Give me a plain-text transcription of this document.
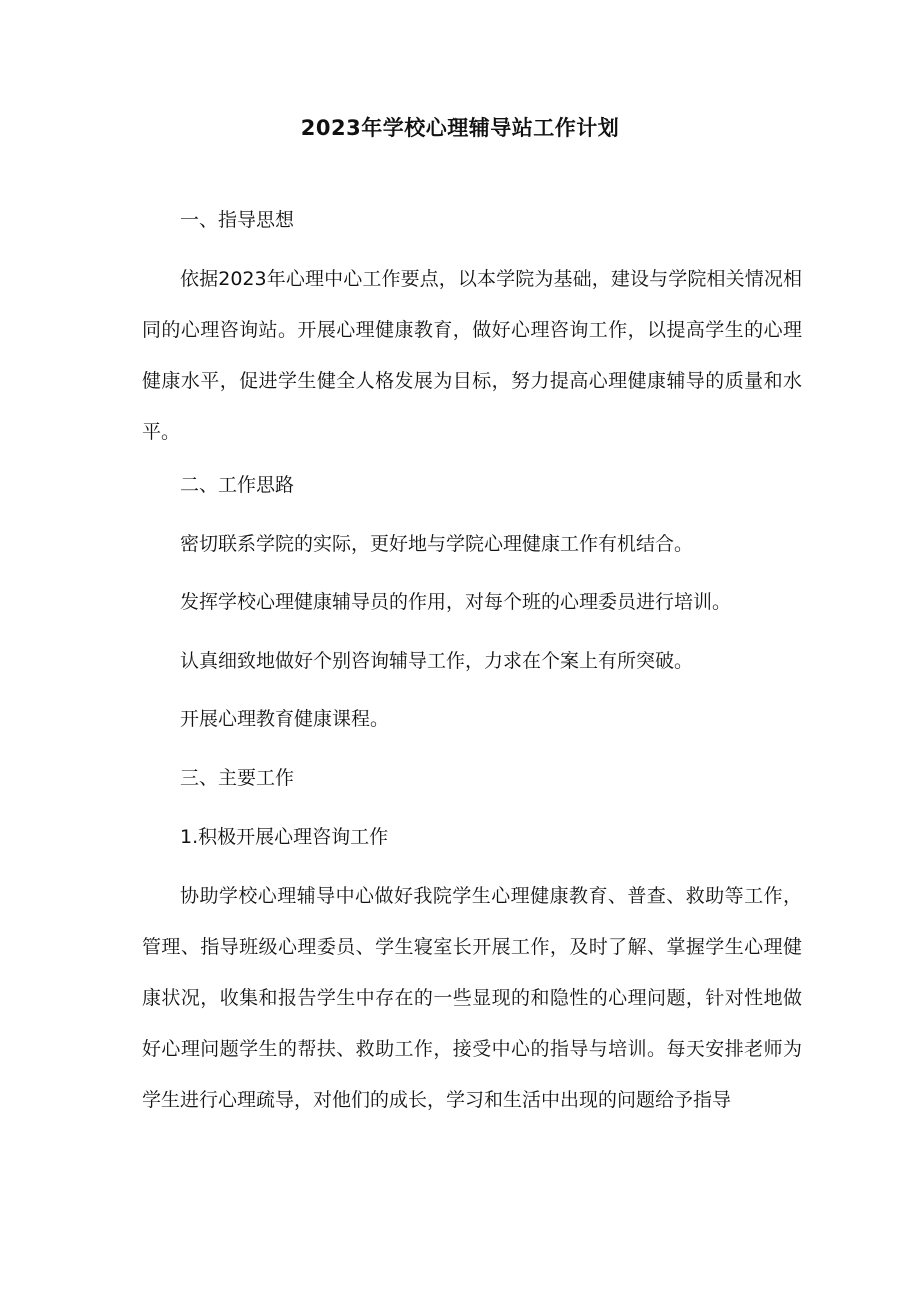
2023年学校心理辅导站工作计划

一、指导思想

依据2023年心理中心工作要点，以本学院为基础，建设与学院相关情况相同的心理咨询站。开展心理健康教育，做好心理咨询工作，以提高学生的心理健康水平，促进学生健全人格发展为目标，努力提高心理健康辅导的质量和水平。

二、工作思路

密切联系学院的实际，更好地与学院心理健康工作有机结合。

发挥学校心理健康辅导员的作用，对每个班的心理委员进行培训。

认真细致地做好个别咨询辅导工作，力求在个案上有所突破。

开展心理教育健康课程。

三、主要工作

1.积极开展心理咨询工作

协助学校心理辅导中心做好我院学生心理健康教育、普查、救助等工作，管理、指导班级心理委员、学生寝室长开展工作，及时了解、掌握学生心理健康状况，收集和报告学生中存在的一些显现的和隐性的心理问题，针对性地做好心理问题学生的帮扶、救助工作，接受中心的指导与培训。每天安排老师为学生进行心理疏导，对他们的成长，学习和生活中出现的问题给予指导
